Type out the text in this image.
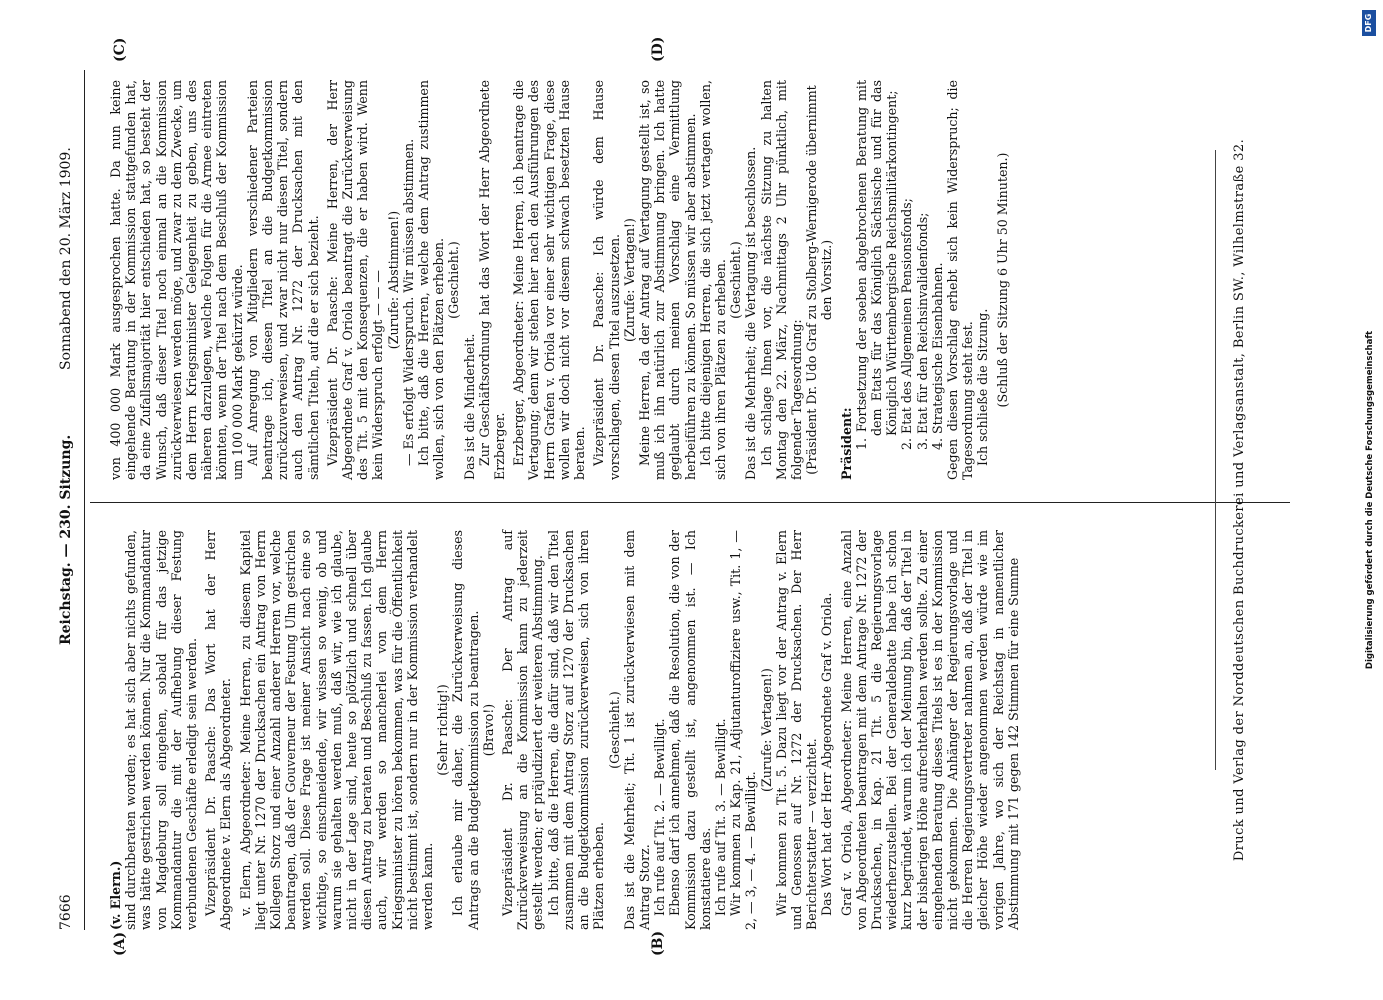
7666
Reichstag. — 230. Sitzung.
Sonnabend den 20. März 1909.
(A)	(B)
(C)	(D)

(v. Elern.) sind durchberaten worden; es hat sich aber nichts gefunden, was hätte gestrichen werden können. Nur die Kommandantur von Magdeburg soll eingehen, sobald für das jetzige Kommandantur die mit der Aufhebung dieser Festung verbundenen Geschäfte erledigt sein werden. Vizepräsident Dr. Paasche: Das Wort hat der Herr Abgeordnete v. Elern als Abgeordneter. v. Elern, Abgeordneter: Meine Herren, zu diesem Kapitel liegt unter Nr. 1270 der Drucksachen ein Antrag von Herrn Kollegen Storz und einer Anzahl anderer Herren vor, welche beantragen, daß der Gouverneur der Festung Ulm gestrichen werden soll. Diese Frage ist meiner Ansicht nach eine so wichtige, so einschneidende, wir wissen so wenig, ob und warum sie gehalten werden muß, daß wir, wie ich glaube, nicht in der Lage sind, heute so plötzlich und schnell über diesen Antrag zu beraten und Beschluß zu fassen. Ich glaube auch, wir werden so mancherlei von dem Herrn Kriegsminister zu hören bekommen, was für die Öffentlichkeit nicht bestimmt ist, sondern nur in der Kommission verhandelt werden kann.

(Sehr richtig!) Ich erlaube mir daher, die Zurückverweisung dieses Antrags an die Budgetkommission zu beantragen. (Bravo!) Vizepräsident Dr. Paasche: Der Antrag auf Zurückverweisung an die Kommission kann zu jederzeit gestellt werden; er präjudiziert der weiteren Abstimmung. Ich bitte, daß die Herren, die dafür sind, daß wir den Titel zusammen mit dem Antrag Storz auf 1270 der Drucksachen an die Budgetkommission zurückverweisen, sich von ihren Plätzen erheben.

(Geschieht.) Das ist die Mehrheit; Tit. 1 ist zurückverwiesen mit dem Antrag Storz. Ich rufe auf Tit. 2. — Bewilligt. Ebenso darf ich annehmen, daß die Resolution, die von der Kommission dazu gestellt ist, angenommen ist. — Ich konstatiere das. Ich rufe auf Tit. 3. — Bewilligt. Wir kommen zu Kap. 21, Adjutanturoffiziere usw., Tit. 1, — 2, — 3, — 4. — Bewilligt.

(Zurufe: Vertagen!) Wir kommen zu Tit. 5. Dazu liegt vor der Antrag v. Elern und Genossen auf Nr. 1272 der Drucksachen. Der Herr Berichterstatter — verzichtet. Das Wort hat der Herr Abgeordnete Graf v. Oriola. Graf v. Oriola, Abgeordneter: Meine Herren, eine Anzahl von Abgeordneten beantragen mit dem Antrage Nr. 1272 der Drucksachen, in Kap. 21 Tit. 5 die Regierungsvorlage wiederherzustellen. Bei der Generaldebatte habe ich schon kurz begründet, warum ich der Meinung bin, daß der Titel in der bisherigen Höhe aufrechterhalten werden sollte. Zu einer eingehenden Beratung dieses Titels ist es in der Kommission nicht gekommen. Die Anhänger der Regierungsvorlage und die Herren Regierungsvertreter nahmen an, daß der Titel in gleicher Höhe wieder angenommen werden würde wie im vorigen Jahre, wo sich der Reichstag in namentlicher Abstimmung mit 171 gegen 142 Stimmen für eine Summe

von 400 000 Mark ausgesprochen hatte. Da nun keine eingehende Beratung in der Kommission stattgefunden hat, da eine Zufallsmajorität hier entschieden hat, so besteht der Wunsch, daß dieser Titel noch einmal an die Kommission zurückverwiesen werden möge, und zwar zu dem Zwecke, um dem Herrn Kriegsminister Gelegenheit zu geben, uns des näheren darzulegen, welche Folgen für die Armee eintreten könnten, wenn der Titel nach dem Beschluß der Kommission um 100 000 Mark gekürzt würde. Auf Anregung von Mitgliedern verschiedener Parteien beantrage ich, diesen Titel an die Budgetkommission zurückzuverweisen, und zwar nicht nur diesen Titel, sondern auch den Antrag Nr. 1272 der Drucksachen mit den sämtlichen Titeln, auf die er sich bezieht. Vizepräsident Dr. Paasche: Meine Herren, der Herr Abgeordnete Graf v. Oriola beantragt die Zurückverweisung des Tit. 5 mit den Konsequenzen, die er haben wird. Wenn kein Widerspruch erfolgt — — — (Zurufe: Abstimmen!) — Es erfolgt Widerspruch. Wir müssen abstimmen. Ich bitte, daß die Herren, welche dem Antrag zustimmen wollen, sich von den Plätzen erheben. (Geschieht.)

Das ist die Minderheit. Zur Geschäftsordnung hat das Wort der Herr Abgeordnete Erzberger. Erzberger, Abgeordneter: Meine Herren, ich beantrage die Vertagung; denn wir stehen hier nach den Ausführungen des Herrn Grafen v. Oriola vor einer sehr wichtigen Frage, diese wollen wir doch nicht vor diesem schwach besetzten Hause beraten. Vizepräsident Dr. Paasche: Ich würde dem Hause vorschlagen, diesen Titel auszusetzen. (Zurufe: Vertagen!) Meine Herren, da der Antrag auf Vertagung gestellt ist, so muß ich ihn natürlich zur Abstimmung bringen. Ich hatte geglaubt durch meinen Vorschlag eine Vermittlung herbeiführen zu können. So müssen wir aber abstimmen. Ich bitte diejenigen Herren, die sich jetzt vertagen wollen, sich von ihren Plätzen zu erheben. (Geschieht.) Das ist die Mehrheit; die Vertagung ist beschlossen. Ich schlage Ihnen vor, die nächste Sitzung zu halten Montag den 22. März, Nachmittags 2 Uhr pünktlich, mit folgender Tagesordnung: (Präsident Dr. Udo Graf zu Stolberg-Wernigerode übernimmt den Vorsitz.)

Präsident: 1. Fortsetzung der soeben abgebrochenen Beratung mit dem Etats für das Königlich Sächsische und für das Königlich Württembergische Reichsmilitärkontingent; 2. Etat des Allgemeinen Pensionsfonds; 3. Etat für den Reichsinvalidenfonds; 4. Strategische Eisenbahnen. Gegen diesen Vorschlag erhebt sich kein Widerspruch; die Tagesordnung steht fest. Ich schließe die Sitzung. (Schluß der Sitzung 6 Uhr 50 Minuten.)	Druck und Verlag der Norddeutschen Buchdruckerei und Verlagsanstalt, Berlin SW., Wilhelmstraße 32.	Digitalisierung gefördert durch die Deutsche Forschungsgemeinschaft
DFG
